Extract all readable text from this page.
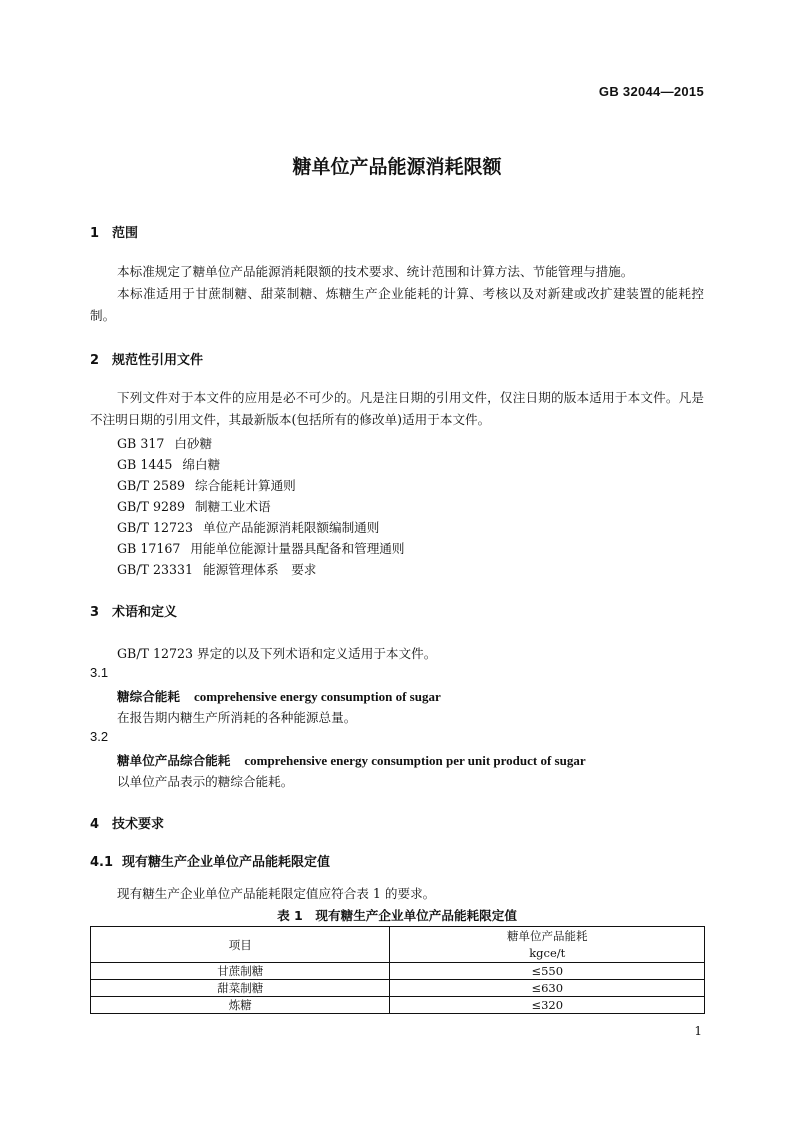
GB 32044—2015
糖单位产品能源消耗限额
1 范围
本标准规定了糖单位产品能源消耗限额的技术要求、统计范围和计算方法、节能管理与措施。
本标准适用于甘蔗制糖、甜菜制糖、炼糖生产企业能耗的计算、考核以及对新建或改扩建装置的能耗控制。
2 规范性引用文件
下列文件对于本文件的应用是必不可少的。凡是注日期的引用文件，仅注日期的版本适用于本文件。凡是不注明日期的引用文件，其最新版本(包括所有的修改单)适用于本文件。
GB 317 白砂糖
GB 1445 绵白糖
GB/T 2589 综合能耗计算通则
GB/T 9289 制糖工业术语
GB/T 12723 单位产品能源消耗限额编制通则
GB 17167 用能单位能源计量器具配备和管理通则
GB/T 23331 能源管理体系　要求
3 术语和定义
GB/T 12723 界定的以及下列术语和定义适用于本文件。
3.1
糖综合能耗 comprehensive energy consumption of sugar
在报告期内糖生产所消耗的各种能源总量。
3.2
糖单位产品综合能耗 comprehensive energy consumption per unit product of sugar
以单位产品表示的糖综合能耗。
4 技术要求
4.1 现有糖生产企业单位产品能耗限定值
现有糖生产企业单位产品能耗限定值应符合表 1 的要求。
表 1　现有糖生产企业单位产品能耗限定值
项目	糖单位产品能耗
kgce/t

甘蔗制糖	≤550
甜菜制糖	≤630
炼糖	≤320
1
